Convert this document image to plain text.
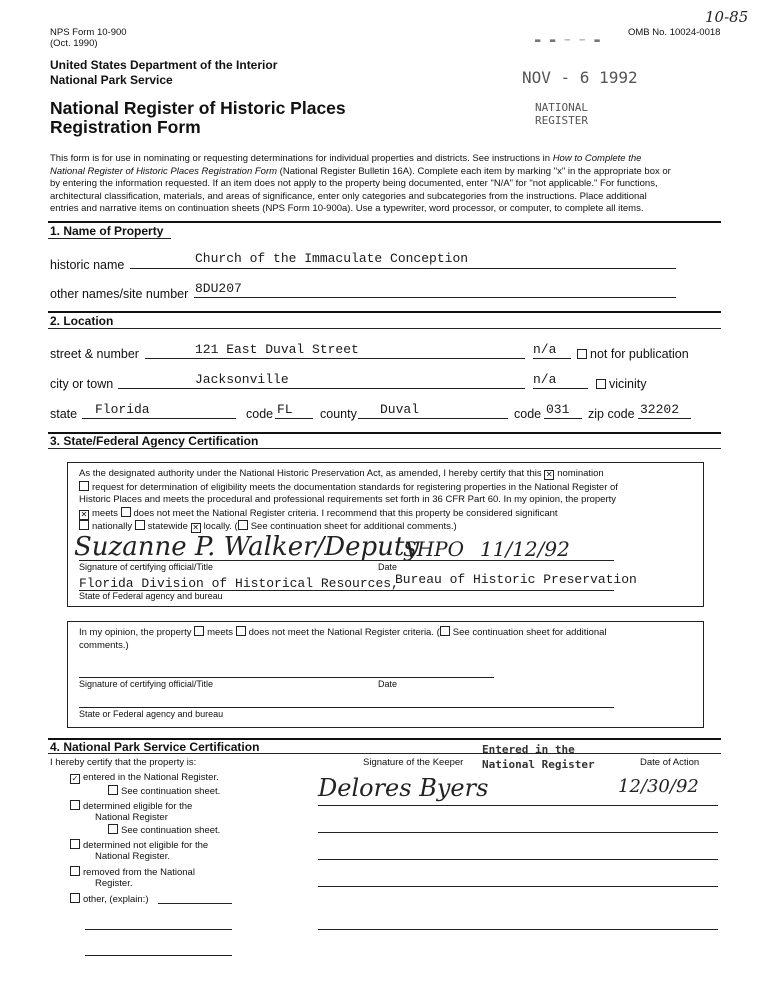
NPS Form 10-900
(Oct. 1990)
OMB No. 10024-0018
10-85
▬ ▬ ─ ─ ▬
United States Department of the Interior
National Park Service
National Register of Historic Places
Registration Form
NOV - 6 1992
NATIONAL
REGISTER
This form is for use in nominating or requesting determinations for individual properties and districts. See instructions in How to Complete the
National Register of Historic Places Registration Form (National Register Bulletin 16A). Complete each item by marking "x" in the appropriate box or
by entering the information requested. If an item does not apply to the property being documented, enter "N/A" for "not applicable." For functions,
architectural classification, materials, and areas of significance, enter only categories and subcategories from the instructions. Place additional
entries and narrative items on continuation sheets (NPS Form 10-900a). Use a typewriter, word processor, or computer, to complete all items.
1. Name of Property
historic name	Church of the Immaculate Conception
other names/site number 8DU207
2. Location
street & number	121 East Duval Street	n/a	not for publication
city or town	Jacksonville	n/a	vicinity
state Florida	code FL county Duval	code 031 zip code 32202
3. State/Federal Agency Certification
As the designated authority under the National Historic Preservation Act, as amended, I hereby certify that this ✕ nomination
request for determination of eligibility meets the documentation standards for registering properties in the National Register of
Historic Places and meets the procedural and professional requirements set forth in 36 CFR Part 60. In my opinion, the property
✕ meets does not meet the National Register criteria. I recommend that this property be considered significant
nationally statewide ✕ locally. ( See continuation sheet for additional comments.)
Suzanne P. Walker/Deputy
SHPO 11/12/92
Signature of certifying official/Title	Date
Florida Division of Historical Resources,
Bureau of Historic Preservation
State of Federal agency and bureau
In my opinion, the property meets does not meet the National Register criteria. ( See continuation sheet for additional
comments.)
Signature of certifying official/Title	Date
State or Federal agency and bureau
4. National Park Service Certification
I hereby certify that the property is:	Signature of the Keeper	Date of Action
Entered in the
National Register
✓ entered in the National Register.
See continuation sheet.
determined eligible for the
National Register
See continuation sheet.
determined not eligible for the
National Register.
removed from the National
Register.
other, (explain:)
Delores Byers	12/30/92
